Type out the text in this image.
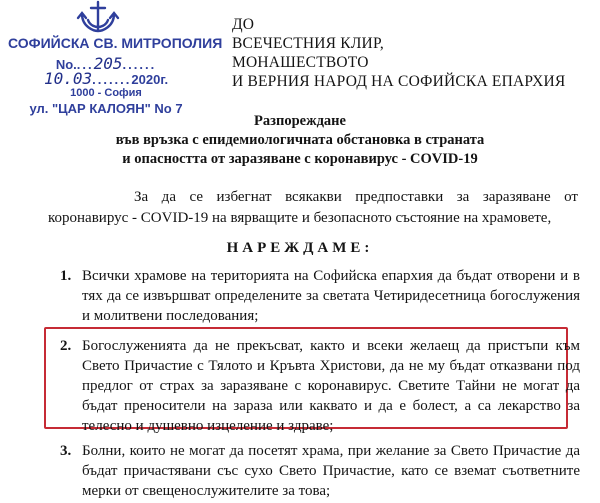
СОФИЙСКА СВ. МИТРОПОЛИЯ
No....205......
10.03.......2020г.
1000 - София
ул. "ЦАР КАЛОЯН" No 7
ДО
ВСЕЧЕСТНИЯ КЛИР,
МОНАШЕСТВОТО
И ВЕРНИЯ НАРОД НА СОФИЙСКА ЕПАРХИЯ
Разпореждане
във връзка с епидемиологичната обстановка в страната
и опасността от заразяване с коронавирус - COVID-19
За да се избегнат всякакви предпоставки за заразяване от коронавирус - COVID-19 на вярващите и безопасното състояние на храмовете,
НАРЕЖДАМЕ:
1. Всички храмове на територията на Софийска епархия да бъдат отворени и в тях да се извършват определените за светата Четиридесетница богослужения и молитвени последования;
2. Богослуженията да не прекъсват, както и всеки желаещ да пристъпи към Свето Причастие с Тялото и Кръвта Христови, да не му бъдат отказвани под предлог от страх за заразяване с коронавирус. Светите Тайни не могат да бъдат преносители на зараза или каквато и да е болест, а са лекарство за телесно и душевно изцеление и здраве;
3. Болни, които не могат да посетят храма, при желание за Свето Причастие да бъдат причастявани със сухо Свето Причастие, като се вземат съответните мерки от свещенослужителите за това;
